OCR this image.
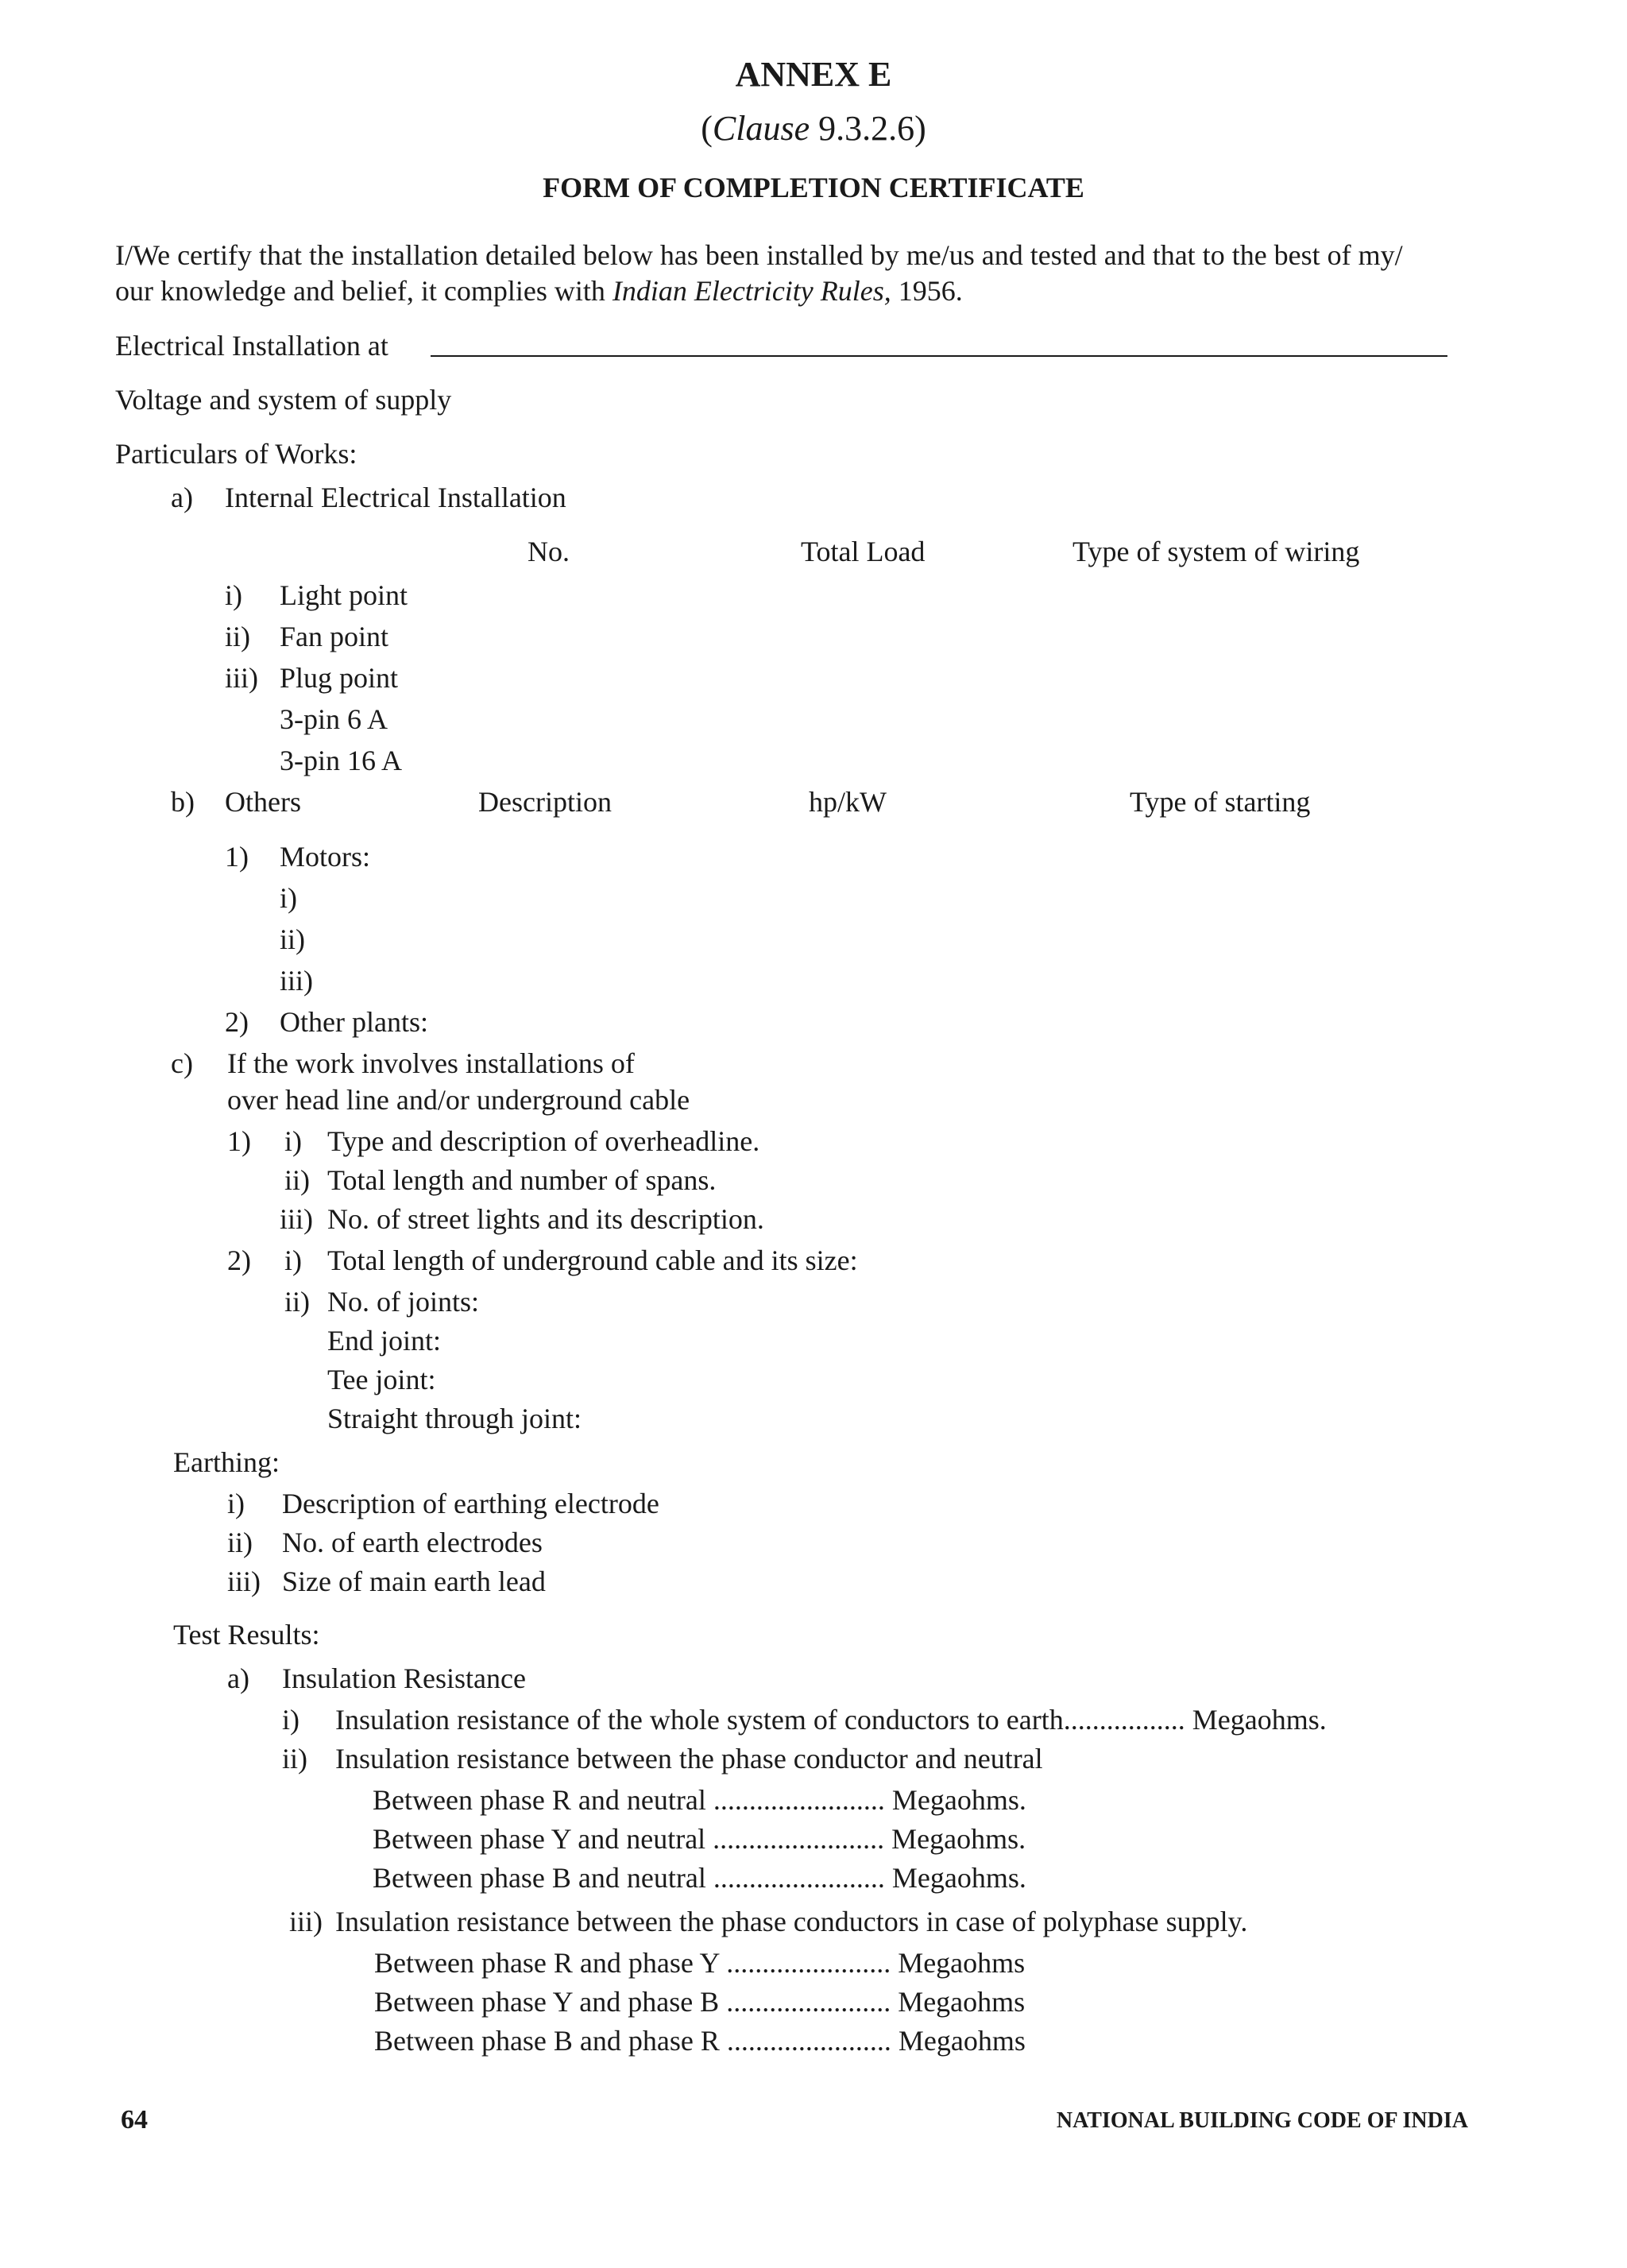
ANNEX E
(Clause 9.3.2.6)
FORM OF COMPLETION CERTIFICATE
I/We certify that the installation detailed below has been installed by me/us and tested and that to the best of my/
our knowledge and belief, it complies with Indian Electricity Rules, 1956.
Electrical Installation at
Voltage and system of supply
Particulars of Works:
a) Internal Electrical Installation
No.	Total Load	Type of system of wiring
i) Light point
ii) Fan point
iii) Plug point
3-pin 6 A
3-pin 16 A
b) Others	Description	hp/kW	Type of starting
1) Motors:
i)
ii)
iii)
2) Other plants:
c) If the work involves installations of
over head line and/or underground cable
1) i) Type and description of overheadline.
ii) Total length and number of spans.
iii) No. of street lights and its description.
2) i) Total length of underground cable and its size:
ii) No. of joints:
End joint:
Tee joint:
Straight through joint:
Earthing:
i) Description of earthing electrode
ii) No. of earth electrodes
iii) Size of main earth lead
Test Results:
a) Insulation Resistance
i) Insulation resistance of the whole system of conductors to earth................. Megaohms.
ii) Insulation resistance between the phase conductor and neutral
Between phase R and neutral ........................ Megaohms.
Between phase Y and neutral ........................ Megaohms.
Between phase B and neutral ........................ Megaohms.
iii) Insulation resistance between the phase conductors in case of polyphase supply.
Between phase R and phase Y ....................... Megaohms
Between phase Y and phase B ....................... Megaohms
Between phase B and phase R ....................... Megaohms
64	NATIONAL BUILDING CODE OF INDIA
